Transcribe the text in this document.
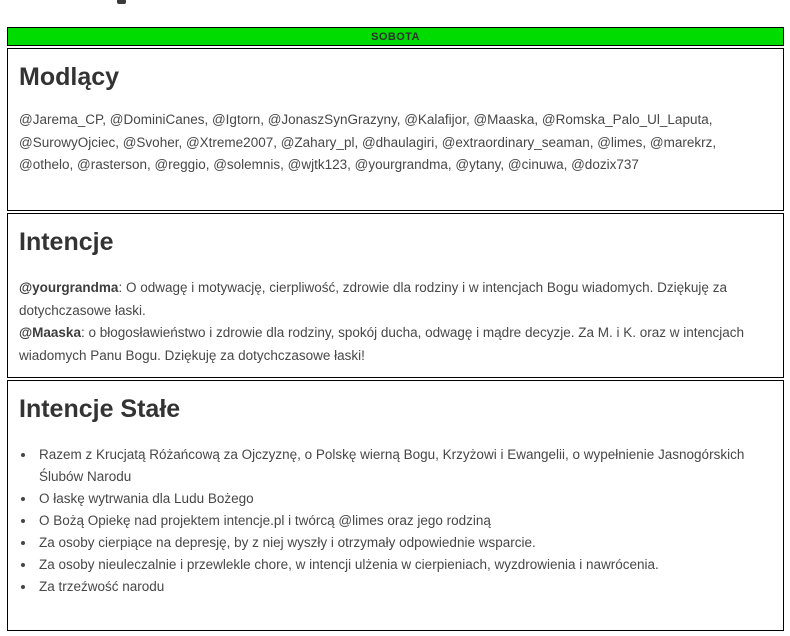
SOBOTA
Modlący

@Jarema_CP, @DominiCanes, @Igtorn, @JonaszSynGrazyny, @Kalafijor, @Maaska, @Romska_Palo_Ul_Laputa, @SurowyOjciec, @Svoher, @Xtreme2007, @Zahary_pl, @dhaulagiri, @extraordinary_seaman, @limes, @marekrz, @othelo, @rasterson, @reggio, @solemnis, @wjtk123, @yourgrandma, @ytany, @cinuwa, @dozix737

Intencje
@yourgrandma: O odwagę i motywację, cierpliwość, zdrowie dla rodziny i w intencjach Bogu wiadomych. Dziękuję za dotychczasowe łaski.
@Maaska: o błogosławieństwo i zdrowie dla rodziny, spokój ducha, odwagę i mądre decyzje. Za M. i K. oraz w intencjach wiadomych Panu Bogu. Dziękuję za dotychczasowe łaski!
Intencje Stałe
• Razem z Krucjatą Różańcową za Ojczyznę, o Polskę wierną Bogu, Krzyżowi i Ewangelii, o wypełnienie Jasnogórskich Ślubów Narodu
• O łaskę wytrwania dla Ludu Bożego
• O Bożą Opiekę nad projektem intencje.pl i twórcą @limes oraz jego rodziną
• Za osoby cierpiące na depresję, by z niej wyszły i otrzymały odpowiednie wsparcie.
• Za osoby nieuleczalnie i przewlekle chore, w intencji ulżenia w cierpieniach, wyzdrowienia i nawrócenia.
• Za trzeźwość narodu
